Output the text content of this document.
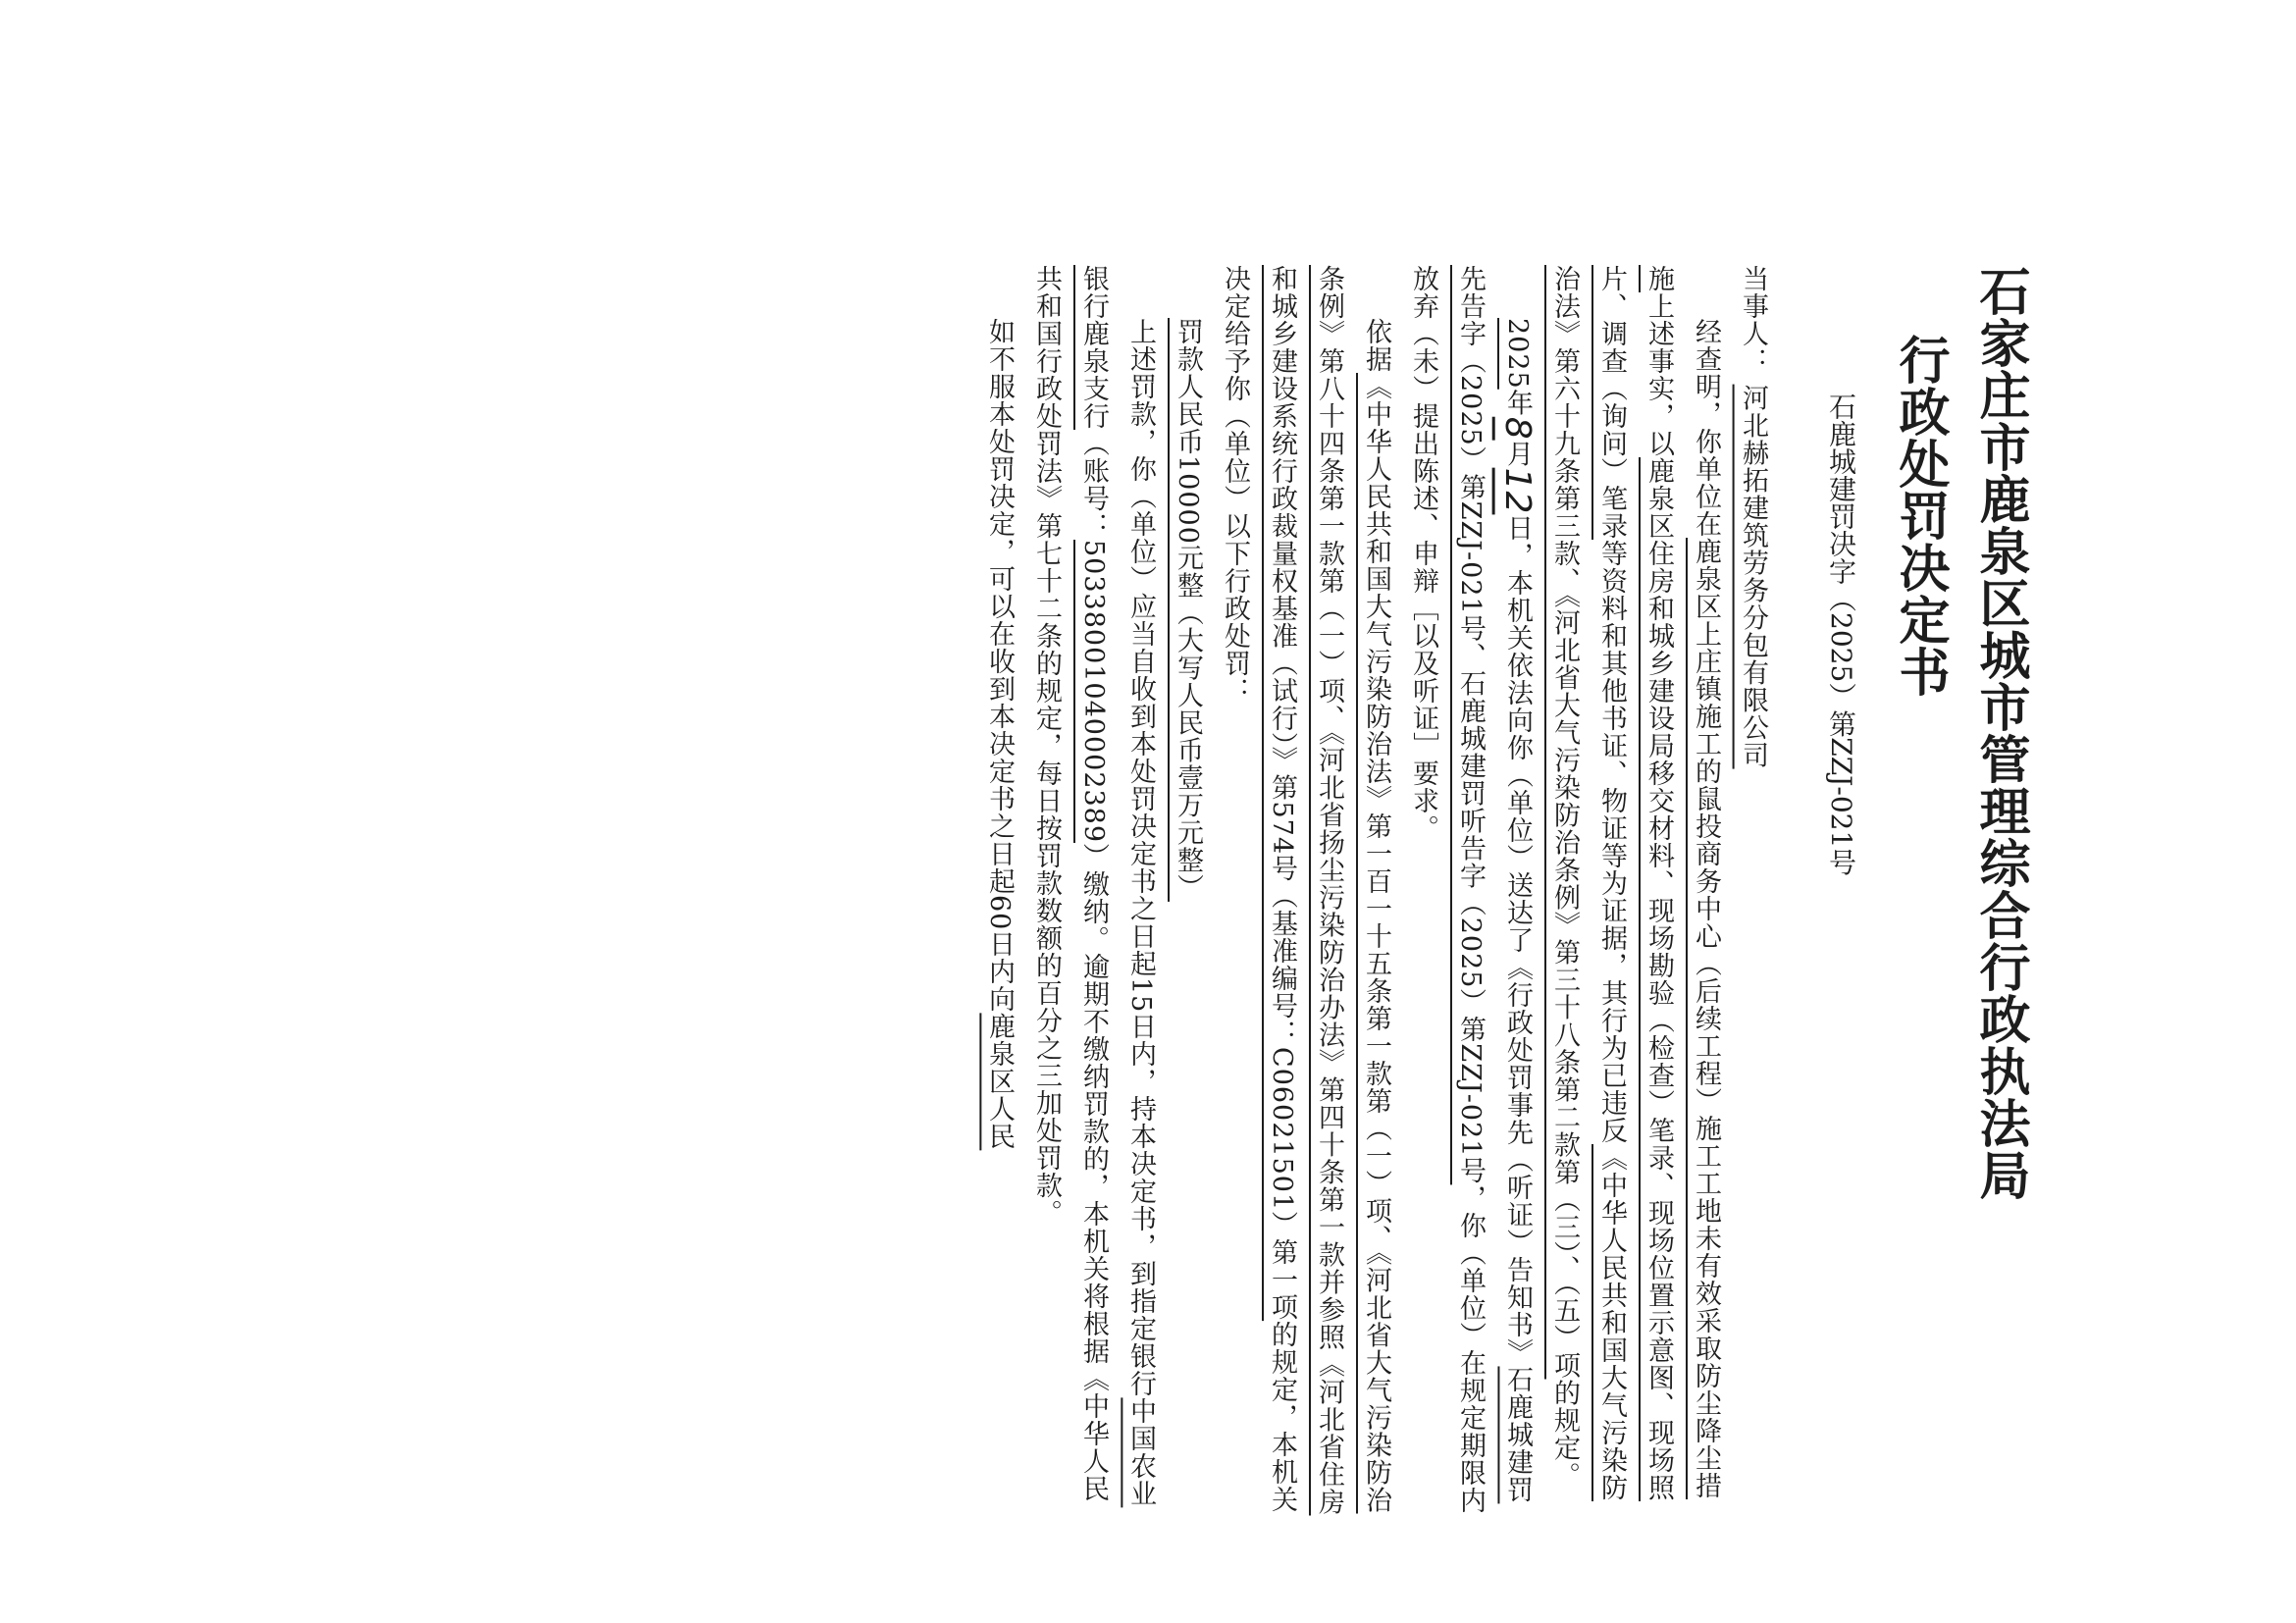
石家庄市鹿泉区城市管理综合行政执法局
行政处罚决定书
石鹿城建罚决字（2025）第ZZJ-021号
当事人： 河北赫拓建筑劳务分包有限公司
经查明，你单位在鹿泉区上庄镇施工的鼠投商务中心（后续工程）施工工地未有效采取防尘降尘措施上述事实，以鹿泉区住房和城乡建设局移交材料、现场勘验（检查）笔录、现场位置示意图、现场照片、调查（询问）笔录等资料和其他书证、物证等为证据，其行为已违反《中华人民共和国大气污染防治法》第六十九条第三款、《河北省大气污染防治条例》第三十八条第二款第（三）、（五）项的规定。
2025年8月12日，本机关依法向你（单位）送达了《行政处罚事先（听证）告知书》石鹿城建罚先告字（2025）第ZZJ-021号、石鹿城建罚听告字（2025）第ZZJ-021号，你（单位）在规定期限内放弃（未）提出陈述、申辩［以及听证］要求。
依据《中华人民共和国大气污染防治法》第一百一十五条第一款第（一）项、《河北省大气污染防治条例》第八十四条第一款第（一）项、《河北省扬尘污染防治办法》第四十条第一款并参照《河北省住房和城乡建设系统行政裁量权基准（试行）》第574号（基准编号：C06021501）第一项的规定，本机关决定给予你（单位）以下行政处罚：
罚款人民币10000元整（大写人民币壹万元整）
上述罚款，你（单位）应当自收到本处罚决定书之日起15日内，持本决定书，到指定银行中国农业银行鹿泉支行（账号：50338001040002389）缴纳。逾期不缴纳罚款的，本机关将根据《中华人民共和国行政处罚法》第七十二条的规定，每日按罚款数额的百分之三加处罚款。
如不服本处罚决定，可以在收到本决定书之日起60日内向鹿泉区人民
